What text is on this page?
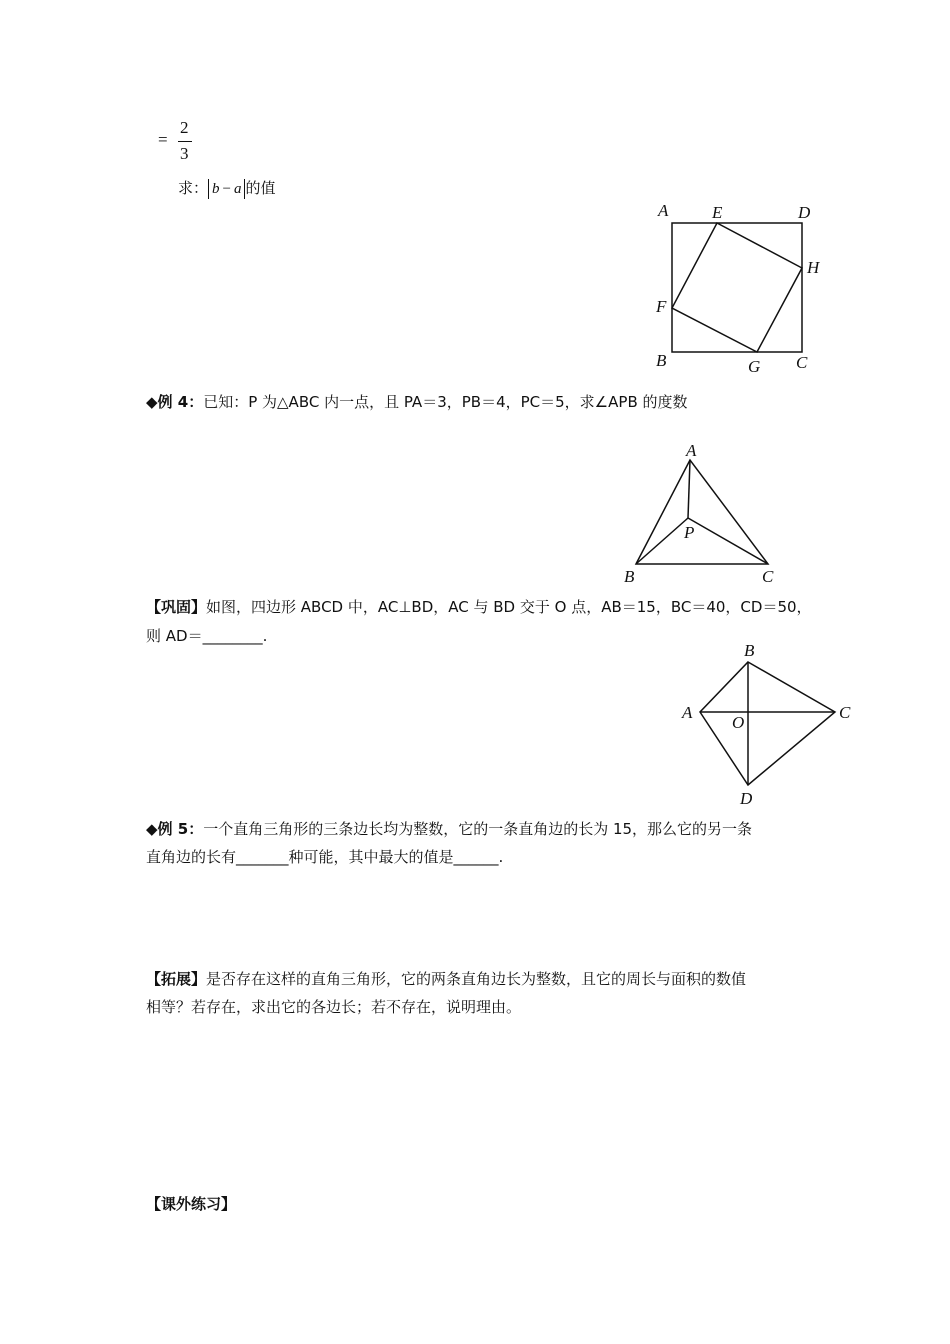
=
2
3
求： b − a 的值
A	E	D
H
F
B	G C
◆例 4：已知：P 为△ABC 内一点，且 PA＝3，PB＝4，PC＝5，求∠APB 的度数
A
P
B	C
【巩固】如图，四边形 ABCD 中，AC⊥BD，AC 与 BD 交于 O 点，AB＝15，BC＝40，CD＝50，
则 AD＝________.
B
A	C
O
D
◆例 5：一个直角三角形的三条边长均为整数，它的一条直角边的长为 15，那么它的另一条
直角边的长有_______种可能，其中最大的值是______.
【拓展】是否存在这样的直角三角形，它的两条直角边长为整数，且它的周长与面积的数值
相等？若存在，求出它的各边长；若不存在，说明理由。
【课外练习】
